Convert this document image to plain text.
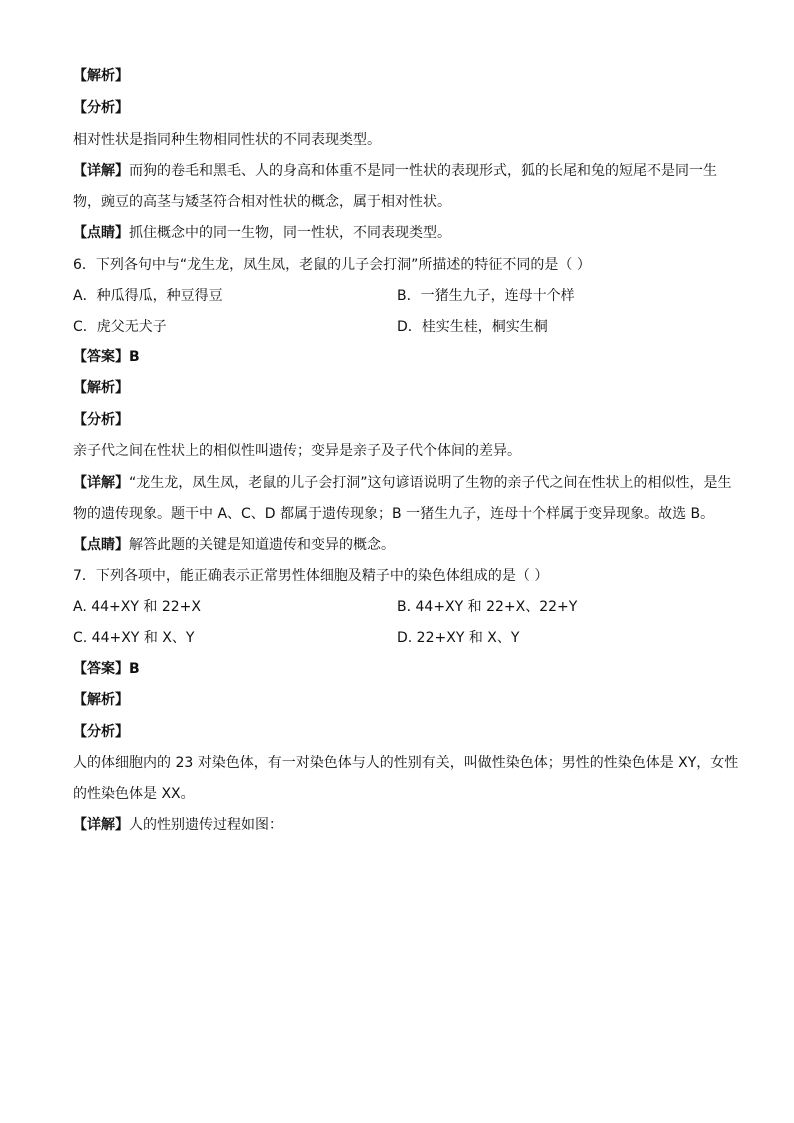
【解析】
【分析】
相对性状是指同种生物相同性状的不同表现类型。
【详解】而狗的卷毛和黑毛、人的身高和体重不是同一性状的表现形式，狐的长尾和兔的短尾不是同一生
物，豌豆的高茎与矮茎符合相对性状的概念，属于相对性状。
【点睛】抓住概念中的同一生物，同一性状，不同表现类型。
6．下列各句中与“龙生龙，凤生凤，老鼠的儿子会打洞”所描述的特征不同的是（ ）
A．种瓜得瓜，种豆得豆	B．一猪生九子，连母十个样
C．虎父无犬子	D．桂实生桂，桐实生桐
【答案】B
【解析】
【分析】
亲子代之间在性状上的相似性叫遗传；变异是亲子及子代个体间的差异。
【详解】“龙生龙，凤生凤，老鼠的儿子会打洞”这句谚语说明了生物的亲子代之间在性状上的相似性，是生
物的遗传现象。题干中 A、C、D 都属于遗传现象；B 一猪生九子，连母十个样属于变异现象。故选 B。
【点睛】解答此题的关键是知道遗传和变异的概念。
7．下列各项中，能正确表示正常男性体细胞及精子中的染色体组成的是（ ）
A. 44+XY 和 22+X	B. 44+XY 和 22+X、22+Y
C. 44+XY 和 X、Y	D. 22+XY 和 X、Y
【答案】B
【解析】
【分析】
人的体细胞内的 23 对染色体，有一对染色体与人的性别有关，叫做性染色体；男性的性染色体是 XY，女性
的性染色体是 XX。
【详解】人的性别遗传过程如图：
